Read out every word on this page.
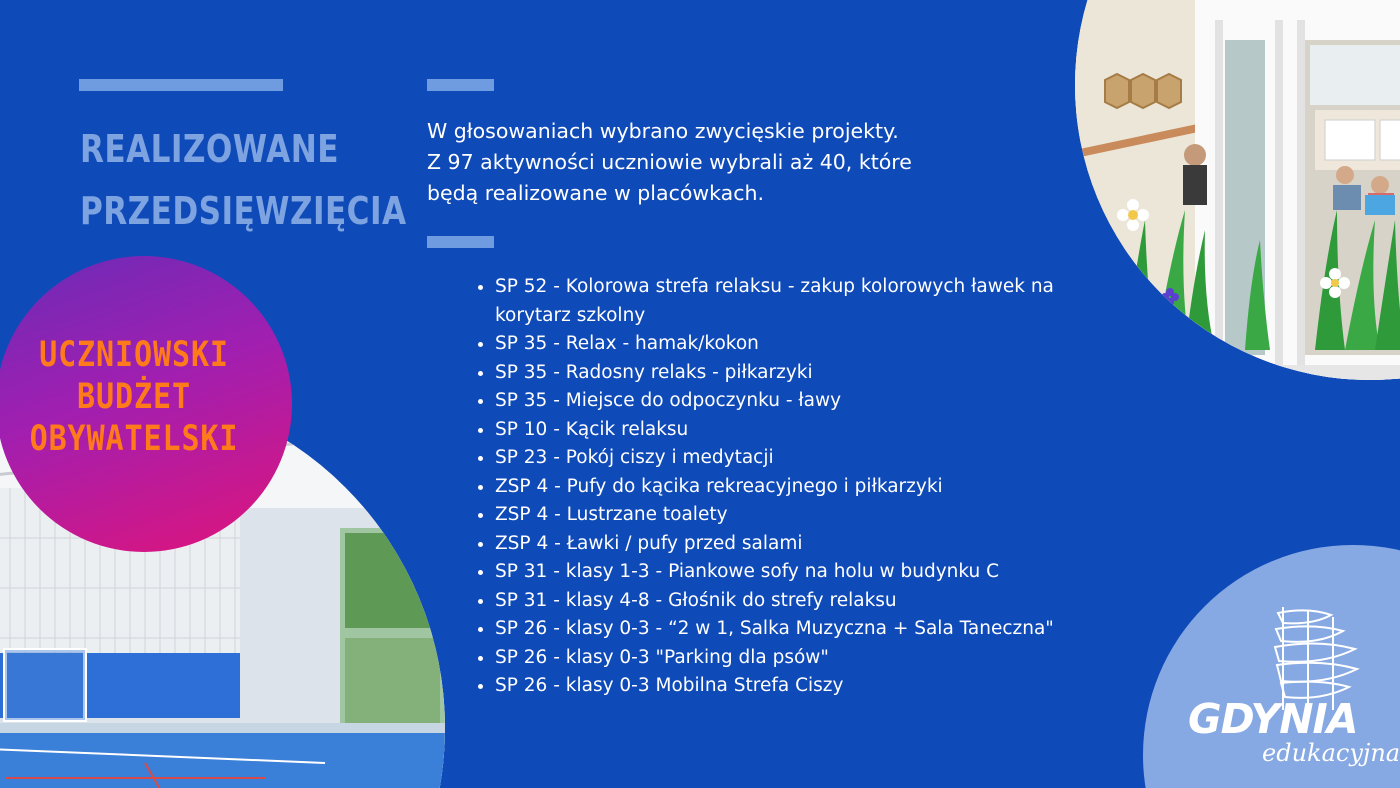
GDYNIA
edukacyjna
UCZNIOWSKI
BUDŻET
OBYWATELSKI
REALIZOWANE
PRZEDSIĘWZIĘCIA

W głosowaniach wybrano zwycięskie projekty.

Z 97 aktywności uczniowie wybrali aż 40, które

będą realizowane w placówkach.

• SP 52 - Kolorowa strefa relaksu - zakup kolorowych ławek na korytarz szkolny
• SP 35 - Relax - hamak/kokon
• SP 35 - Radosny relaks - piłkarzyki
• SP 35 - Miejsce do odpoczynku - ławy
• SP 10 - Kącik relaksu
• SP 23 - Pokój ciszy i medytacji
• ZSP 4 - Pufy do kącika rekreacyjnego i piłkarzyki
• ZSP 4 - Lustrzane toalety
• ZSP 4 - Ławki / pufy przed salami
• SP 31 - klasy 1-3 - Piankowe sofy na holu w budynku C
• SP 31 - klasy 4-8 - Głośnik do strefy relaksu
• SP 26 - klasy 0-3 - “2 w 1, Salka Muzyczna + Sala Taneczna"
• SP 26 - klasy 0-3 "Parking dla psów"
• SP 26 - klasy 0-3 Mobilna Strefa Ciszy
